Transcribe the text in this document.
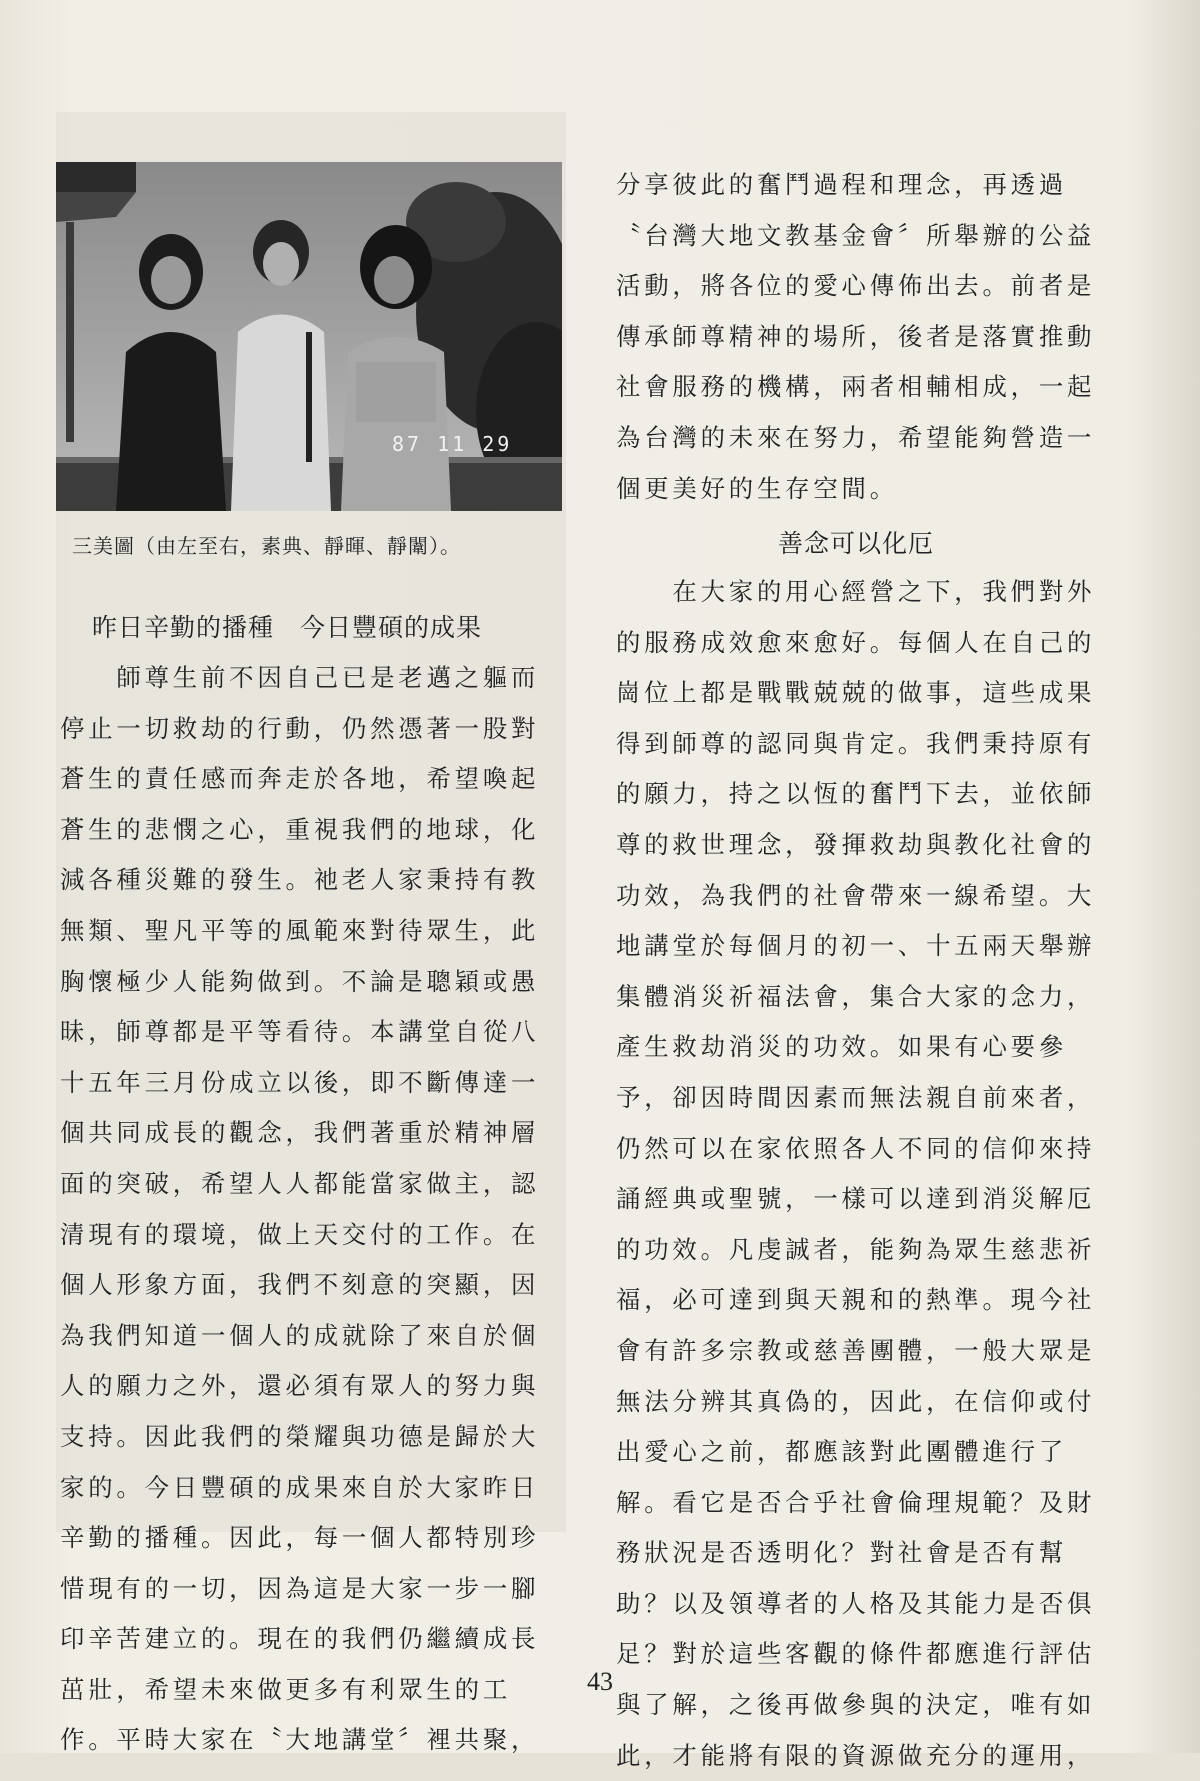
87 11 29
三美圖（由左至右，素典、靜暉、靜闈）。
昨日辛勤的播種　今日豐碩的成果
　　師尊生前不因自己已是老邁之軀而
停止一切救劫的行動，仍然憑著一股對
蒼生的責任感而奔走於各地，希望喚起
蒼生的悲憫之心，重視我們的地球，化
減各種災難的發生。祂老人家秉持有教
無類、聖凡平等的風範來對待眾生，此
胸懷極少人能夠做到。不論是聰穎或愚
昧，師尊都是平等看待。本講堂自從八
十五年三月份成立以後，即不斷傳達一
個共同成長的觀念，我們著重於精神層
面的突破，希望人人都能當家做主，認
清現有的環境，做上天交付的工作。在
個人形象方面，我們不刻意的突顯，因
為我們知道一個人的成就除了來自於個
人的願力之外，還必須有眾人的努力與
支持。因此我們的榮耀與功德是歸於大
家的。今日豐碩的成果來自於大家昨日
辛勤的播種。因此，每一個人都特別珍
惜現有的一切，因為這是大家一步一腳
印辛苦建立的。現在的我們仍繼續成長
茁壯，希望未來做更多有利眾生的工
作。平時大家在〝大地講堂〞裡共聚，
分享彼此的奮鬥過程和理念，再透過
〝台灣大地文教基金會〞所舉辦的公益
活動，將各位的愛心傳佈出去。前者是
傳承師尊精神的場所，後者是落實推動
社會服務的機構，兩者相輔相成，一起
為台灣的未來在努力，希望能夠營造一
個更美好的生存空間。
善念可以化厄
　　在大家的用心經營之下，我們對外
的服務成效愈來愈好。每個人在自己的
崗位上都是戰戰兢兢的做事，這些成果
得到師尊的認同與肯定。我們秉持原有
的願力，持之以恆的奮鬥下去，並依師
尊的救世理念，發揮救劫與教化社會的
功效，為我們的社會帶來一線希望。大
地講堂於每個月的初一、十五兩天舉辦
集體消災祈福法會，集合大家的念力，
產生救劫消災的功效。如果有心要參
予，卻因時間因素而無法親自前來者，
仍然可以在家依照各人不同的信仰來持
誦經典或聖號，一樣可以達到消災解厄
的功效。凡虔誠者，能夠為眾生慈悲祈
福，必可達到與天親和的熱準。現今社
會有許多宗教或慈善團體，一般大眾是
無法分辨其真偽的，因此，在信仰或付
出愛心之前，都應該對此團體進行了
解。看它是否合乎社會倫理規範？及財
務狀況是否透明化？對社會是否有幫
助？以及領導者的人格及其能力是否俱
足？對於這些客觀的條件都應進行評估
與了解，之後再做參與的決定，唯有如
此，才能將有限的資源做充分的運用，
43
